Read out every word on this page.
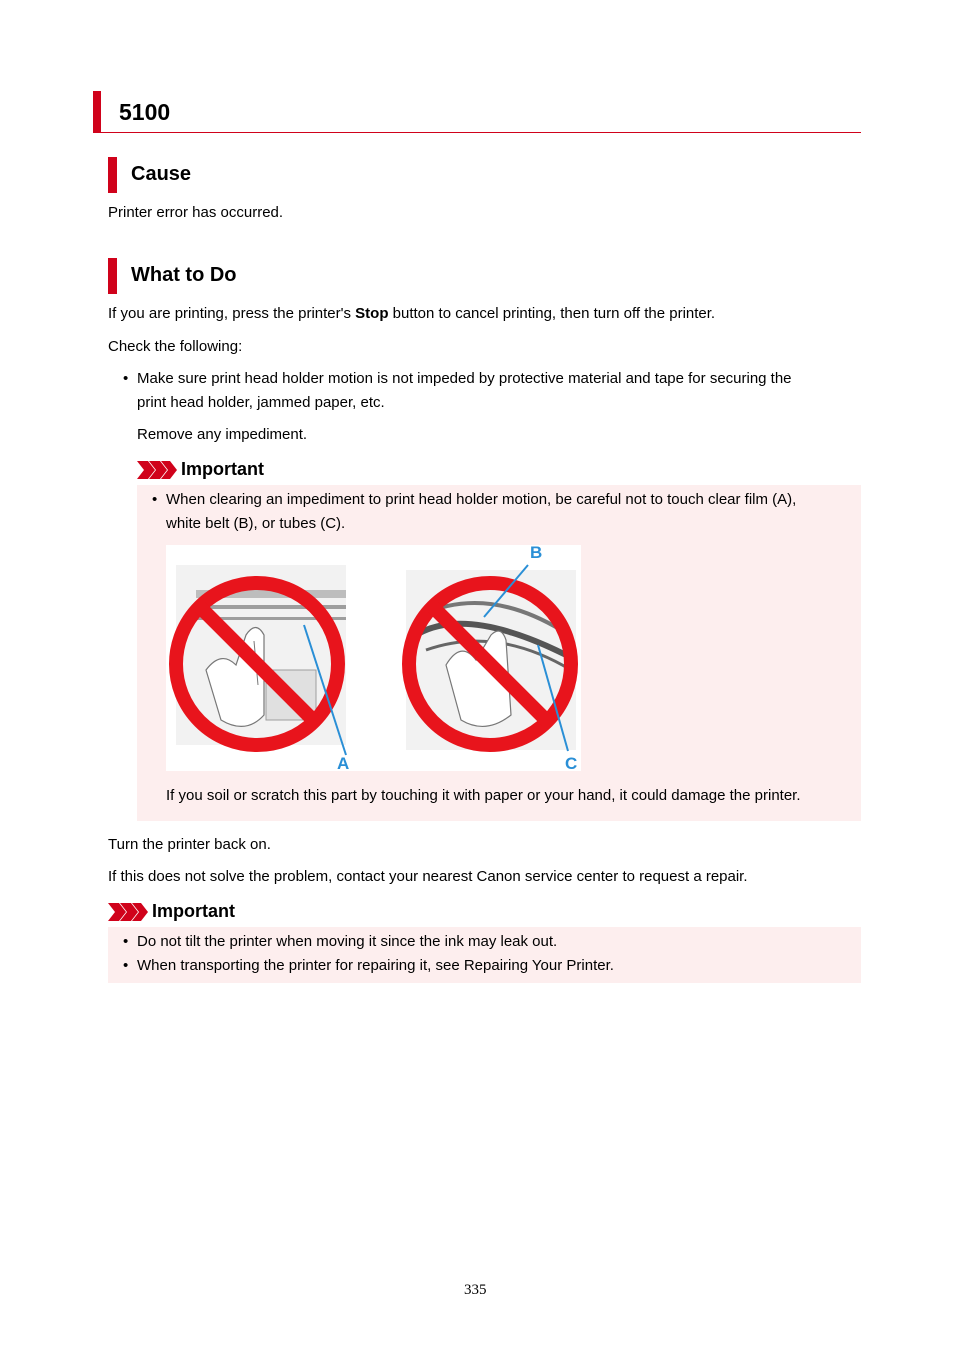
5100
Cause
Printer error has occurred.
What to Do
If you are printing, press the printer's Stop button to cancel printing, then turn off the printer.
Check the following:
• Make sure print head holder motion is not impeded by protective material and tape for securing the
print head holder, jammed paper, etc.
Remove any impediment.
Important
• When clearing an impediment to print head holder motion, be careful not to touch clear film (A),
white belt (B), or tubes (C).
B
A	C
If you soil or scratch this part by touching it with paper or your hand, it could damage the printer.
Turn the printer back on.
If this does not solve the problem, contact your nearest Canon service center to request a repair.
Important
• Do not tilt the printer when moving it since the ink may leak out.
• When transporting the printer for repairing it, see Repairing Your Printer.
335
